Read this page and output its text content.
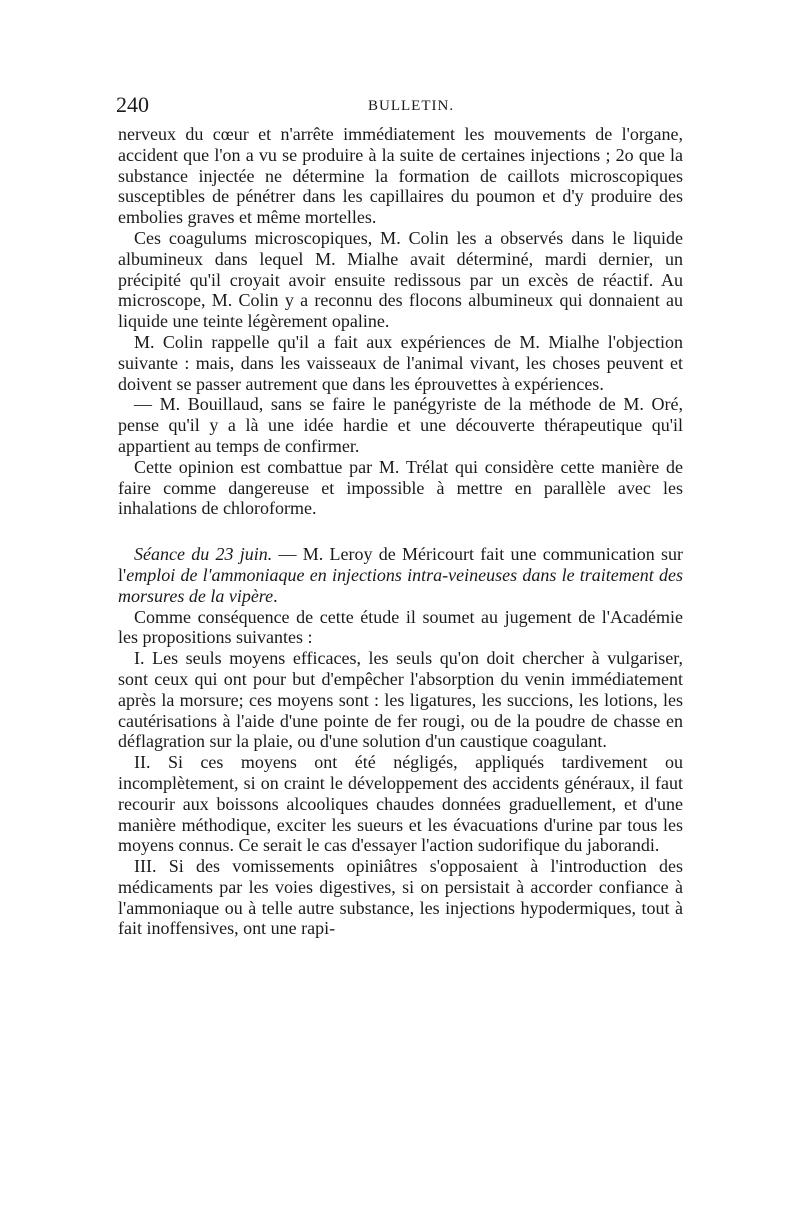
240	BULLETIN.

nerveux du cœur et n'arrête immédiatement les mouvements de l'organe, accident que l'on a vu se produire à la suite de certaines injections ; 2o que la substance injectée ne détermine la formation de caillots microscopiques susceptibles de pénétrer dans les capillaires du poumon et d'y produire des embolies graves et même mortelles.

Ces coagulums microscopiques, M. Colin les a observés dans le liquide albumineux dans lequel M. Mialhe avait déterminé, mardi dernier, un précipité qu'il croyait avoir ensuite redissous par un excès de réactif. Au microscope, M. Colin y a reconnu des flocons albumineux qui donnaient au liquide une teinte légèrement opaline.

M. Colin rappelle qu'il a fait aux expériences de M. Mialhe l'objection suivante : mais, dans les vaisseaux de l'animal vivant, les choses peuvent et doivent se passer autrement que dans les éprouvettes à expériences.

— M. Bouillaud, sans se faire le panégyriste de la méthode de M. Oré, pense qu'il y a là une idée hardie et une découverte thérapeutique qu'il appartient au temps de confirmer.

Cette opinion est combattue par M. Trélat qui considère cette manière de faire comme dangereuse et impossible à mettre en parallèle avec les inhalations de chloroforme.

Séance du 23 juin. — M. Leroy de Méricourt fait une communication sur l'emploi de l'ammoniaque en injections intra-veineuses dans le traitement des morsures de la vipère.

Comme conséquence de cette étude il soumet au jugement de l'Académie les propositions suivantes :

I. Les seuls moyens efficaces, les seuls qu'on doit chercher à vulgariser, sont ceux qui ont pour but d'empêcher l'absorption du venin immédiatement après la morsure; ces moyens sont : les ligatures, les succions, les lotions, les cautérisations à l'aide d'une pointe de fer rougi, ou de la poudre de chasse en déflagration sur la plaie, ou d'une solution d'un caustique coagulant.

II. Si ces moyens ont été négligés, appliqués tardivement ou incomplètement, si on craint le développement des accidents généraux, il faut recourir aux boissons alcooliques chaudes données graduellement, et d'une manière méthodique, exciter les sueurs et les évacuations d'urine par tous les moyens connus. Ce serait le cas d'essayer l'action sudorifique du jaborandi.

III. Si des vomissements opiniâtres s'opposaient à l'introduction des médicaments par les voies digestives, si on persistait à accorder confiance à l'ammoniaque ou à telle autre substance, les injections hypodermiques, tout à fait inoffensives, ont une rapi-
